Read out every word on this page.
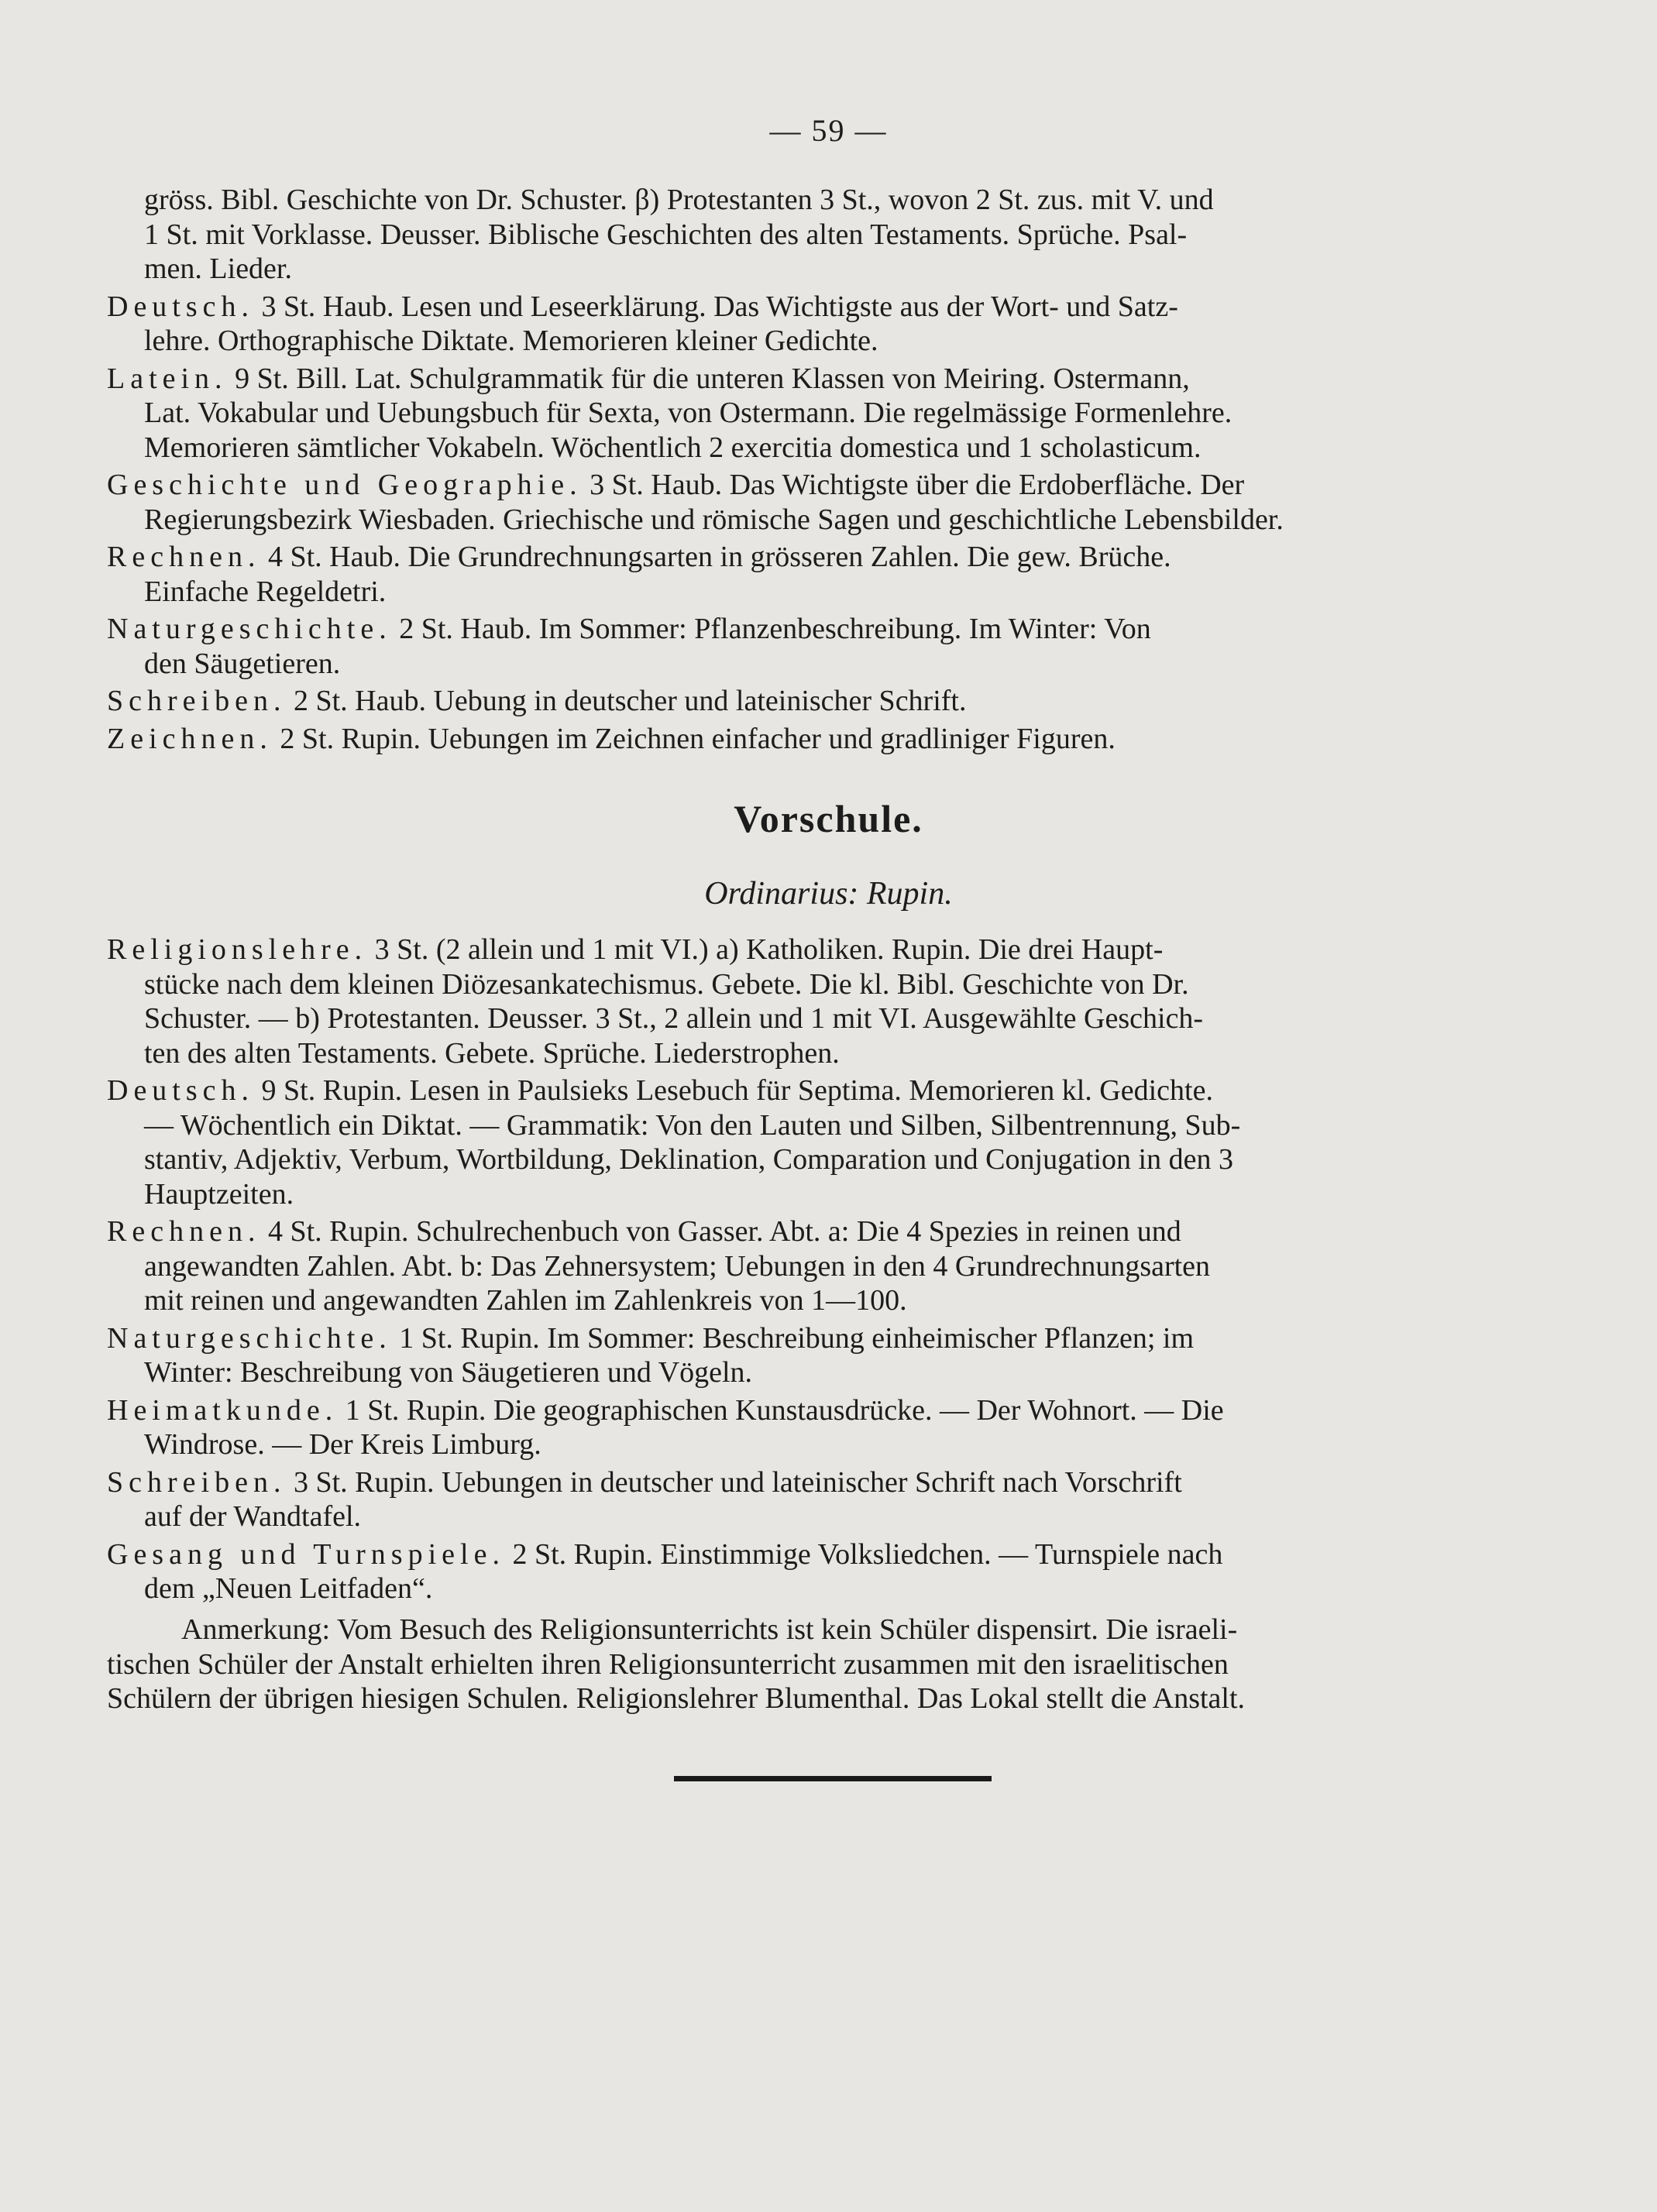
— 59 —
gröss. Bibl. Geschichte von Dr. Schuster. β) Protestanten 3 St., wovon 2 St. zus. mit V. und
1 St. mit Vorklasse. Deusser. Biblische Geschichten des alten Testaments. Sprüche. Psal-
men. Lieder.
Deutsch. 3 St. Haub. Lesen und Leseerklärung. Das Wichtigste aus der Wort- und Satz-
lehre. Orthographische Diktate. Memorieren kleiner Gedichte.
Latein. 9 St. Bill. Lat. Schulgrammatik für die unteren Klassen von Meiring. Ostermann,
Lat. Vokabular und Uebungsbuch für Sexta, von Ostermann. Die regelmässige Formenlehre.
Memorieren sämtlicher Vokabeln. Wöchentlich 2 exercitia domestica und 1 scholasticum.
Geschichte und Geographie. 3 St. Haub. Das Wichtigste über die Erdoberfläche. Der
Regierungsbezirk Wiesbaden. Griechische und römische Sagen und geschichtliche Lebensbilder.
Rechnen. 4 St. Haub. Die Grundrechnungsarten in grösseren Zahlen. Die gew. Brüche.
Einfache Regeldetri.
Naturgeschichte. 2 St. Haub. Im Sommer: Pflanzenbeschreibung. Im Winter: Von
den Säugetieren.
Schreiben. 2 St. Haub. Uebung in deutscher und lateinischer Schrift.
Zeichnen. 2 St. Rupin. Uebungen im Zeichnen einfacher und gradliniger Figuren.
Vorschule.
Ordinarius: Rupin.
Religionslehre. 3 St. (2 allein und 1 mit VI.) a) Katholiken. Rupin. Die drei Haupt-
stücke nach dem kleinen Diözesankatechismus. Gebete. Die kl. Bibl. Geschichte von Dr.
Schuster. — b) Protestanten. Deusser. 3 St., 2 allein und 1 mit VI. Ausgewählte Geschich-
ten des alten Testaments. Gebete. Sprüche. Liederstrophen.
Deutsch. 9 St. Rupin. Lesen in Paulsieks Lesebuch für Septima. Memorieren kl. Gedichte.
— Wöchentlich ein Diktat. — Grammatik: Von den Lauten und Silben, Silbentrennung, Sub-
stantiv, Adjektiv, Verbum, Wortbildung, Deklination, Comparation und Conjugation in den 3
Hauptzeiten.
Rechnen. 4 St. Rupin. Schulrechenbuch von Gasser. Abt. a: Die 4 Spezies in reinen und
angewandten Zahlen. Abt. b: Das Zehnersystem; Uebungen in den 4 Grundrechnungsarten
mit reinen und angewandten Zahlen im Zahlenkreis von 1—100.
Naturgeschichte. 1 St. Rupin. Im Sommer: Beschreibung einheimischer Pflanzen; im
Winter: Beschreibung von Säugetieren und Vögeln.
Heimatkunde. 1 St. Rupin. Die geographischen Kunstausdrücke. — Der Wohnort. — Die
Windrose. — Der Kreis Limburg.
Schreiben. 3 St. Rupin. Uebungen in deutscher und lateinischer Schrift nach Vorschrift
auf der Wandtafel.
Gesang und Turnspiele. 2 St. Rupin. Einstimmige Volksliedchen. — Turnspiele nach
dem „Neuen Leitfaden“.
Anmerkung: Vom Besuch des Religionsunterrichts ist kein Schüler dispensirt. Die israeli-
tischen Schüler der Anstalt erhielten ihren Religionsunterricht zusammen mit den israelitischen
Schülern der übrigen hiesigen Schulen. Religionslehrer Blumenthal. Das Lokal stellt die Anstalt.
